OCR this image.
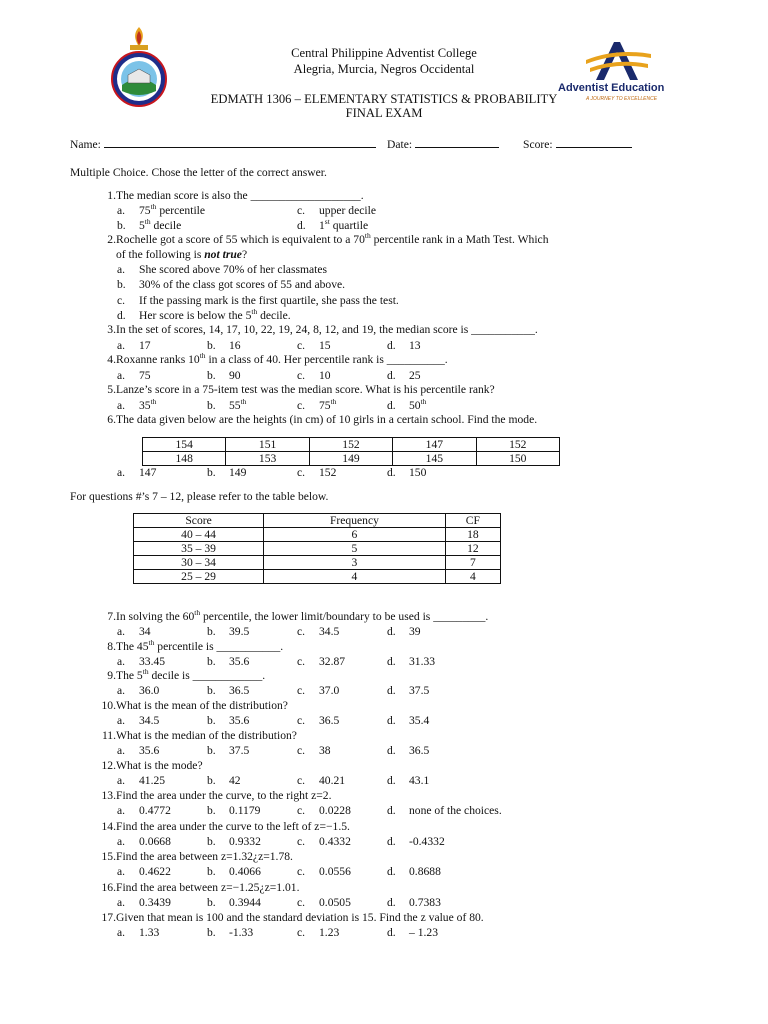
Central Philippine Adventist College
Alegria, Murcia, Negros Occidental
EDMATH 1306 – ELEMENTARY STATISTICS & PROBABILITY
FINAL EXAM
Adventist Education
A JOURNEY TO EXCELLENCE
Name:	Date:	Score:
Multiple Choice. Chose the letter of the correct answer.
1. The median score is also the ___________________.
a. 75th percentile	c. upper decile
b. 5th decile	d. 1st quartile
2. Rochelle got a score of 55 which is equivalent to a 70th percentile rank in a Math Test. Which
of the following is not true?
a. She scored above 70% of her classmates
b. 30% of the class got scores of 55 and above.
c. If the passing mark is the first quartile, she pass the test.
d. Her score is below the 5th decile.
3. In the set of scores, 14, 17, 10, 22, 19, 24, 8, 12, and 19, the median score is ___________.
a. 17	b. 16	c. 15	d. 13
4. Roxanne ranks 10th in a class of 40. Her percentile rank is __________.
a. 75	b. 90	c. 10	d. 25
5. Lanze’s score in a 75-item test was the median score. What is his percentile rank?
a. 35th	b. 55th	c. 75th	d. 50th
6. The data given below are the heights (in cm) of 10 girls in a certain school. Find the mode.
a. 147	b. 149	c. 152	d. 150
7. In solving the 60th percentile, the lower limit/boundary to be used is _________.
a. 34	b. 39.5	c. 34.5	d. 39
8. The 45th percentile is ___________.
a. 33.45	b. 35.6	c. 32.87	d. 31.33
9. The 5th decile is ____________.
a. 36.0	b. 36.5	c. 37.0	d. 37.5
10. What is the mean of the distribution?
a. 34.5	b. 35.6	c. 36.5	d. 35.4
11. What is the median of the distribution?
a. 35.6	b. 37.5	c. 38	d. 36.5
12. What is the mode?
a. 41.25	b. 42	c. 40.21	d. 43.1
13. Find the area under the curve, to the right z=2.
a. 0.4772	b. 0.1179	c. 0.0228	d. none of the choices.
14. Find the area under the curve to the left of z=−1.5.
a. 0.0668	b. 0.9332	c. 0.4332	d. -0.4332
15. Find the area between z=1.32¿z=1.78.
a. 0.4622	b. 0.4066	c. 0.0556	d. 0.8688
16. Find the area between z=−1.25¿z=1.01.
a. 0.3439	b. 0.3944	c. 0.0505	d. 0.7383
17. Given that mean is 100 and the standard deviation is 15. Find the z value of 80.
a. 1.33	b. -1.33	c. 1.23	d. – 1.23
154	151	152	147	152
148	153	149	145	150
For questions #’s 7 – 12, please refer to the table below.
Score	Frequency	CF
40 – 44	6	18
35 – 39	5	12
30 – 34	3	7
25 – 29	4	4
